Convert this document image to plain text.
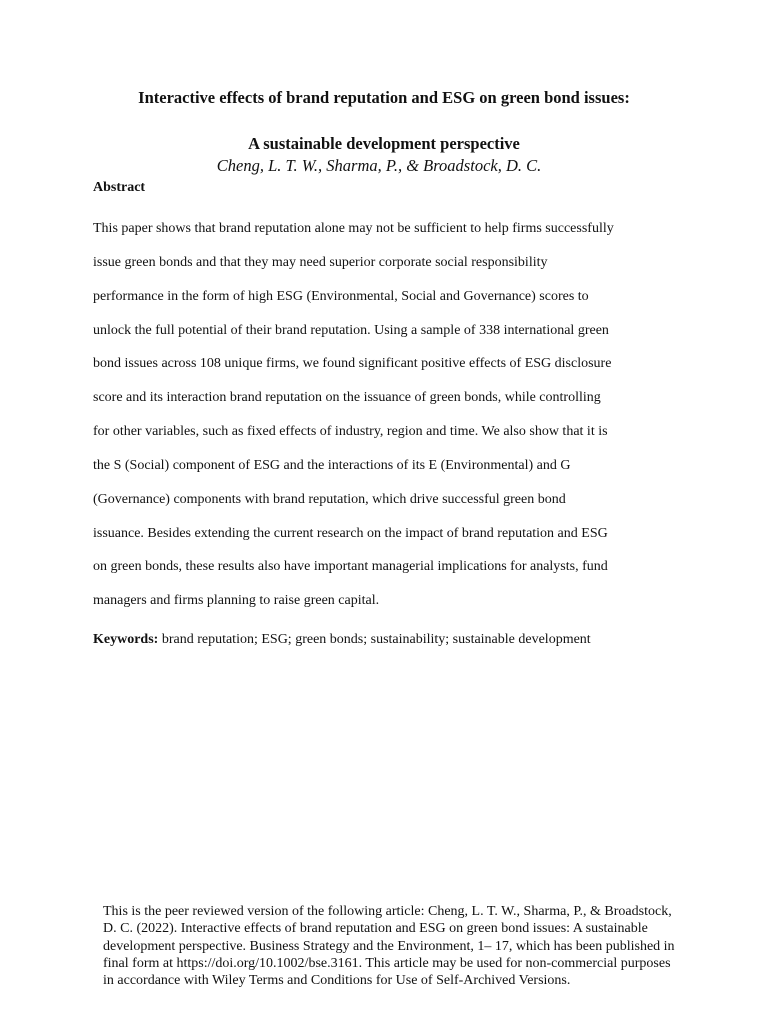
Interactive effects of brand reputation and ESG on green bond issues:
A sustainable development perspective
Cheng, L. T. W., Sharma, P., & Broadstock, D. C.
Abstract
This paper shows that brand reputation alone may not be sufficient to help firms successfully
issue green bonds and that they may need superior corporate social responsibility
performance in the form of high ESG (Environmental, Social and Governance) scores to
unlock the full potential of their brand reputation. Using a sample of 338 international green
bond issues across 108 unique firms, we found significant positive effects of ESG disclosure
score and its interaction brand reputation on the issuance of green bonds, while controlling
for other variables, such as fixed effects of industry, region and time. We also show that it is
the S (Social) component of ESG and the interactions of its E (Environmental) and G
(Governance) components with brand reputation, which drive successful green bond
issuance. Besides extending the current research on the impact of brand reputation and ESG
on green bonds, these results also have important managerial implications for analysts, fund
managers and firms planning to raise green capital.
Keywords: brand reputation; ESG; green bonds; sustainability; sustainable development
This is the peer reviewed version of the following article: Cheng, L. T. W., Sharma, P., & Broadstock,
D. C. (2022). Interactive effects of brand reputation and ESG on green bond issues: A sustainable
development perspective. Business Strategy and the Environment, 1– 17, which has been published in
final form at https://doi.org/10.1002/bse.3161. This article may be used for non-commercial purposes
in accordance with Wiley Terms and Conditions for Use of Self-Archived Versions.
